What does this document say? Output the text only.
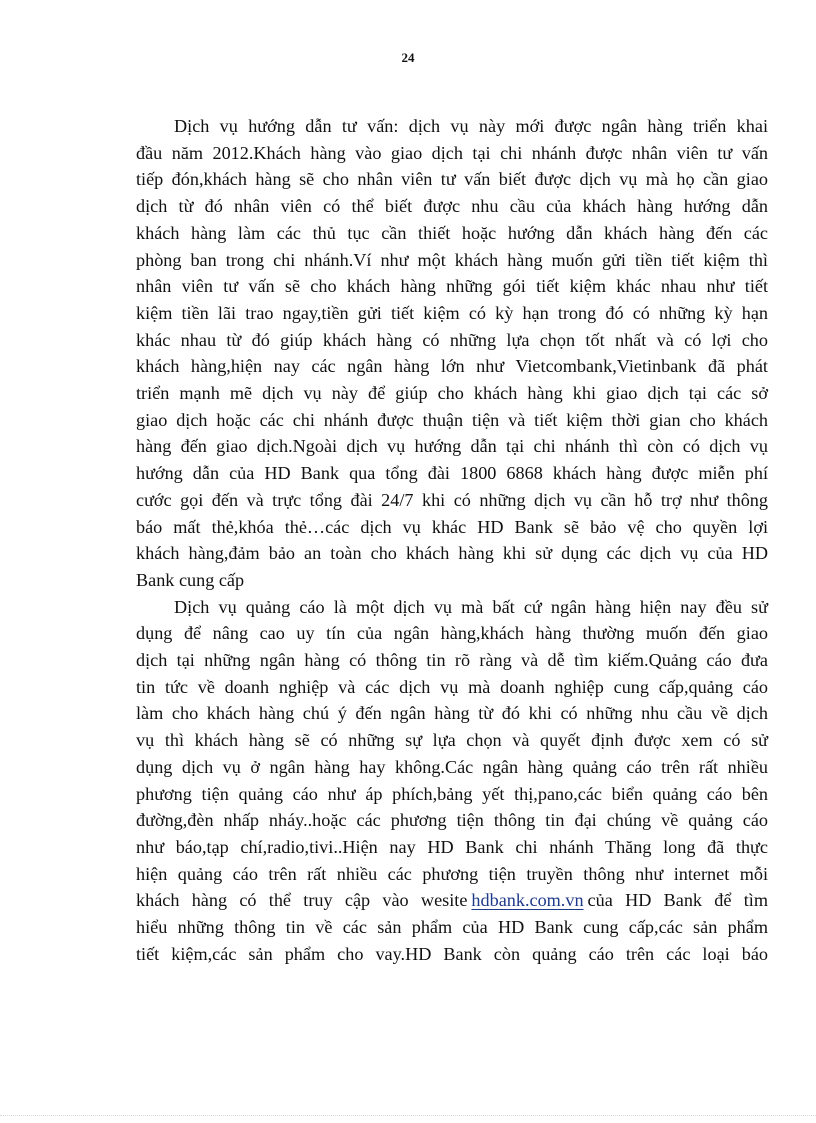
24
Dịch vụ hướng dẫn tư vấn: dịch vụ này mới được ngân hàng triển khai
đầu năm 2012.Khách hàng vào giao dịch tại chi nhánh được nhân viên tư vấn
tiếp đón,khách hàng sẽ cho nhân viên tư vấn biết được dịch vụ mà họ cần giao
dịch từ đó nhân viên có thể biết được nhu cầu của khách hàng hướng dẫn
khách hàng làm các thủ tục cần thiết hoặc hướng dẫn khách hàng đến các
phòng ban trong chi nhánh.Ví như một khách hàng muốn gửi tiền tiết kiệm thì
nhân viên tư vấn sẽ cho khách hàng những gói tiết kiệm khác nhau như tiết
kiệm tiền lãi trao ngay,tiền gửi tiết kiệm có kỳ hạn trong đó có những kỳ hạn
khác nhau từ đó giúp khách hàng có những lựa chọn tốt nhất và có lợi cho
khách hàng,hiện nay các ngân hàng lớn như Vietcombank,Vietinbank đã phát
triển mạnh mẽ dịch vụ này để giúp cho khách hàng khi giao dịch tại các sở
giao dịch hoặc các chi nhánh được thuận tiện và tiết kiệm thời gian cho khách
hàng đến giao dịch.Ngoài dịch vụ hướng dẫn tại chi nhánh thì còn có dịch vụ
hướng dẫn của HD Bank qua tổng đài 1800 6868 khách hàng được miễn phí
cước gọi đến và trực tổng đài 24/7 khi có những dịch vụ cần hỗ trợ như thông
báo mất thẻ,khóa thẻ…các dịch vụ khác HD Bank sẽ bảo vệ cho quyền lợi
khách hàng,đảm bảo an toàn cho khách hàng khi sử dụng các dịch vụ của HD
Bank cung cấp
Dịch vụ quảng cáo là một dịch vụ mà bất cứ ngân hàng hiện nay đều sử
dụng để nâng cao uy tín của ngân hàng,khách hàng thường muốn đến giao
dịch tại những ngân hàng có thông tin rõ ràng và dễ tìm kiếm.Quảng cáo đưa
tin tức về doanh nghiệp và các dịch vụ mà doanh nghiệp cung cấp,quảng cáo
làm cho khách hàng chú ý đến ngân hàng từ đó khi có những nhu cầu về dịch
vụ thì khách hàng sẽ có những sự lựa chọn và quyết định được xem có sử
dụng dịch vụ ở ngân hàng hay không.Các ngân hàng quảng cáo trên rất nhiều
phương tiện quảng cáo như áp phích,bảng yết thị,pano,các biển quảng cáo bên
đường,đèn nhấp nháy..hoặc các phương tiện thông tin đại chúng về quảng cáo
như báo,tạp chí,radio,tivi..Hiện nay HD Bank chi nhánh Thăng long đã thực
hiện quảng cáo trên rất nhiều các phương tiện truyền thông như internet mỗi
khách hàng có thể truy cập vào wesite hdbank.com.vn của HD Bank để tìm
hiểu những thông tin về các sản phẩm của HD Bank cung cấp,các sản phẩm
tiết kiệm,các sản phẩm cho vay.HD Bank còn quảng cáo trên các loại báo
